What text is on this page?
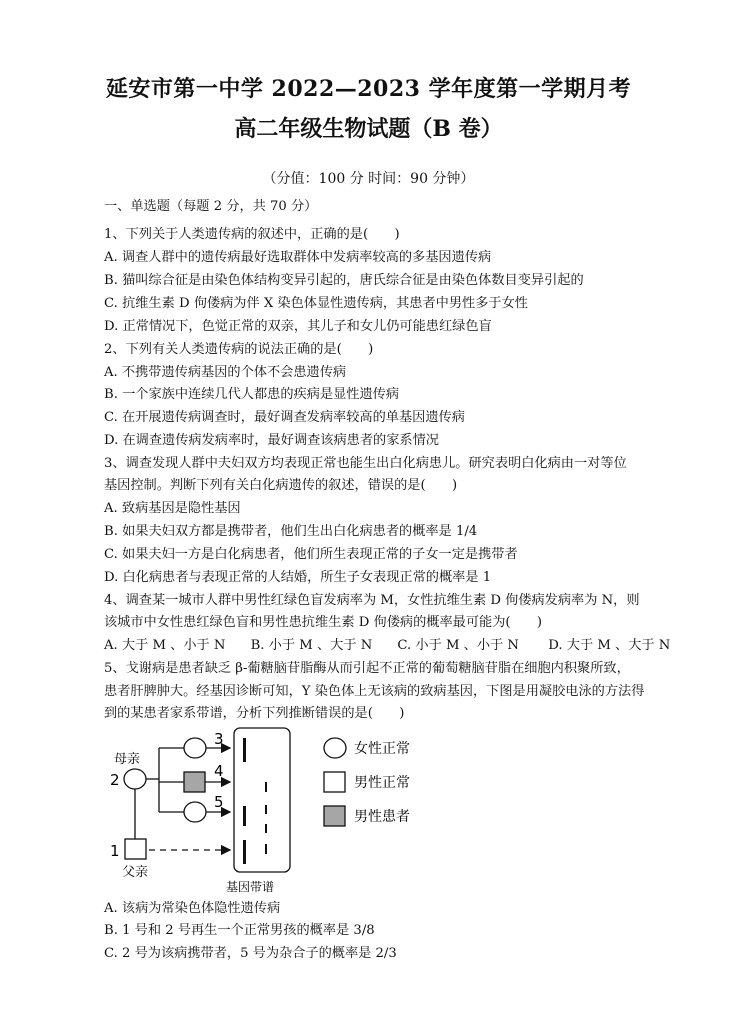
延安市第一中学 2022—2023 学年度第一学期月考
高二年级生物试题（B 卷）
（分值：100 分 时间：90 分钟）
一、单选题（每题 2 分，共 70 分）
1、下列关于人类遗传病的叙述中，正确的是(　　)
A. 调查人群中的遗传病最好选取群体中发病率较高的多基因遗传病
B. 猫叫综合征是由染色体结构变异引起的，唐氏综合征是由染色体数目变异引起的
C. 抗维生素 D 佝偻病为伴 X 染色体显性遗传病，其患者中男性多于女性
D. 正常情况下，色觉正常的双亲，其儿子和女儿仍可能患红绿色盲
2、下列有关人类遗传病的说法正确的是(　　)
A. 不携带遗传病基因的个体不会患遗传病
B. 一个家族中连续几代人都患的疾病是显性遗传病
C. 在开展遗传病调查时，最好调查发病率较高的单基因遗传病
D. 在调查遗传病发病率时，最好调查该病患者的家系情况
3、调查发现人群中夫妇双方均表现正常也能生出白化病患儿。研究表明白化病由一对等位
基因控制。判断下列有关白化病遗传的叙述，错误的是(　　)
A. 致病基因是隐性基因
B. 如果夫妇双方都是携带者，他们生出白化病患者的概率是 1/4
C. 如果夫妇一方是白化病患者，他们所生表现正常的子女一定是携带者
D. 白化病患者与表现正常的人结婚，所生子女表现正常的概率是 1
4、调查某一城市人群中男性红绿色盲发病率为 M，女性抗维生素 D 佝偻病发病率为 N，则
该城市中女性患红绿色盲和男性患抗维生素 D 佝偻病的概率最可能为(　　)
A. 大于 M 、小于 N      B. 小于 M 、大于 N      C. 小于 M 、小于 N       D. 大于 M 、大于 N
5、戈谢病是患者缺乏 β-葡糖脑苷脂酶从而引起不正常的葡萄糖脑苷脂在细胞内积聚所致，
患者肝脾肿大。经基因诊断可知，Y 染色体上无该病的致病基因，下图是用凝胶电泳的方法得
到的某患者家系带谱，分析下列推断错误的是(　　)
母亲
2
3
4
5
1
父亲
基因带谱
女性正常
男性正常
男性患者
A. 该病为常染色体隐性遗传病
B. 1 号和 2 号再生一个正常男孩的概率是 3/8
C. 2 号为该病携带者，5 号为杂合子的概率是 2/3
